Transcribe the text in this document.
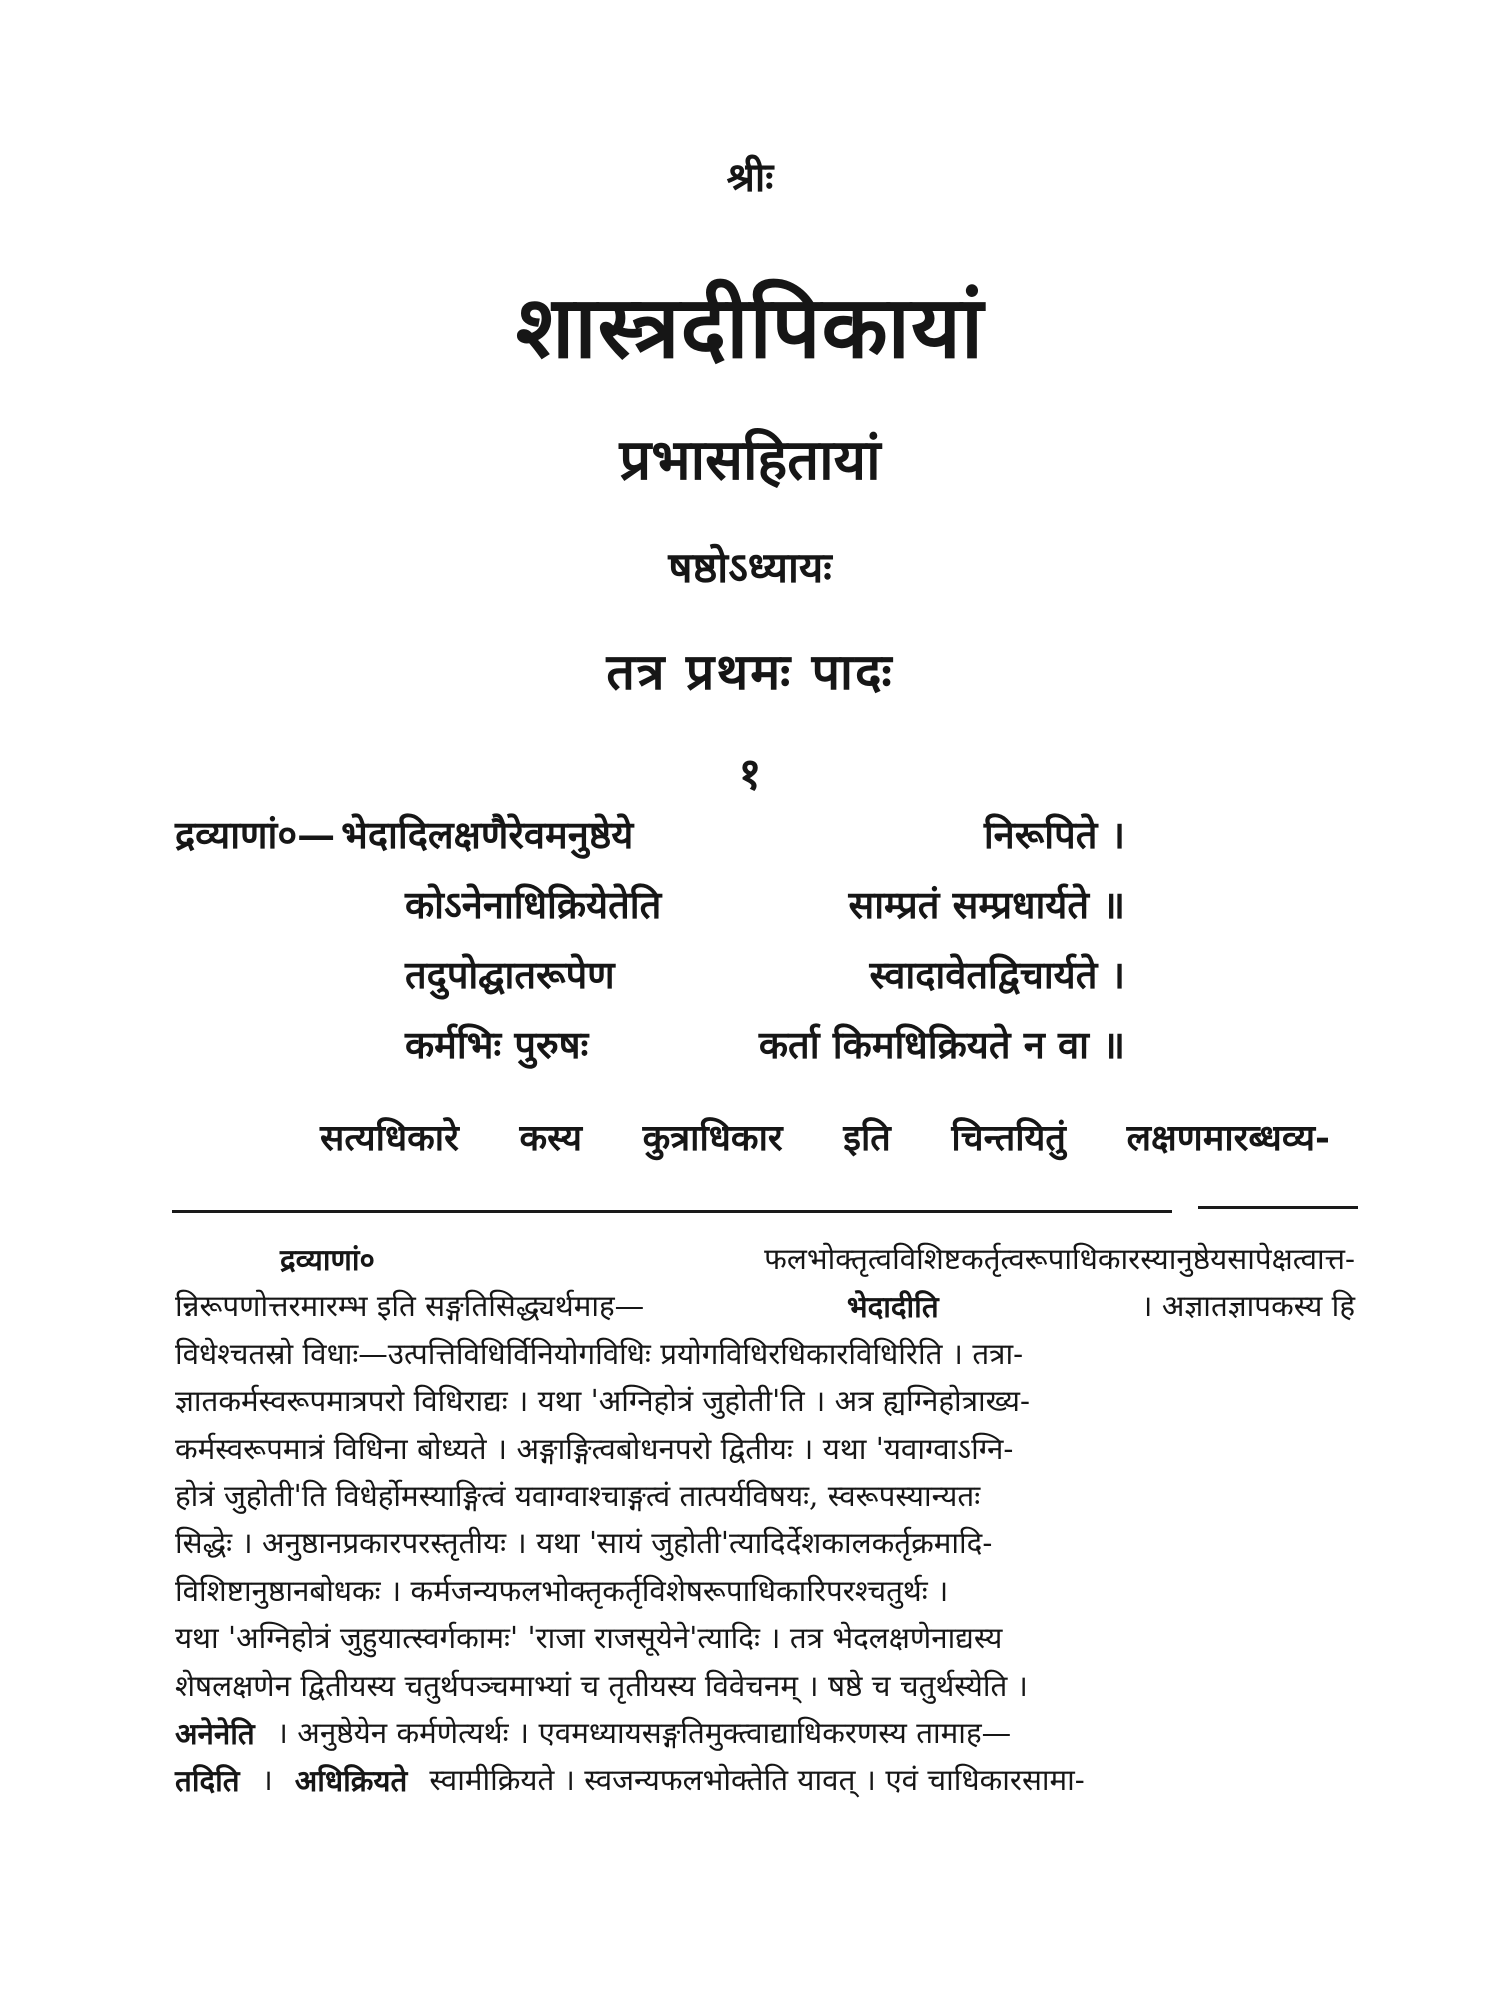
श्रीः
शास्त्रदीपिकायां
प्रभासहितायां
षष्ठोऽध्यायः
तत्र प्रथमः पादः
१
द्रव्याणां०— भेदादिलक्षणैरेवमनुष्ठेये	निरूपिते ।
कोऽनेनाधिक्रियेतेति	साम्प्रतं सम्प्रधार्यते ॥
तदुपोद्घातरूपेण	स्वादावेतद्विचार्यते ।
कर्मभिः पुरुषः	कर्ता किमधिक्रियते न वा ॥
सत्यधिकारे कस्य कुत्राधिकार इति चिन्तयितुं लक्षणमारब्धव्य-
द्रव्याणां०	फलभोक्तृत्वविशिष्टकर्तृत्वरूपाधिकारस्यानुष्ठेयसापेक्षत्वात्त-
न्निरूपणोत्तरमारम्भ इति सङ्गतिसिद्ध्यर्थमाह—	भेदादीति	। अज्ञातज्ञापकस्य हि
विधेश्चतस्रो विधाः—उत्पत्तिविधिर्विनियोगविधिः प्रयोगविधिरधिकारविधिरिति । तत्रा-
ज्ञातकर्मस्वरूपमात्रपरो विधिराद्यः । यथा 'अग्निहोत्रं जुहोती'ति । अत्र ह्यग्निहोत्राख्य-
कर्मस्वरूपमात्रं विधिना बोध्यते । अङ्गाङ्गित्वबोधनपरो द्वितीयः । यथा 'यवाग्वाऽग्नि-
होत्रं जुहोती'ति विधेर्होमस्याङ्गित्वं यवाग्वाश्चाङ्गत्वं तात्पर्यविषयः, स्वरूपस्यान्यतः
सिद्धेः । अनुष्ठानप्रकारपरस्तृतीयः । यथा 'सायं जुहोती'त्यादिर्देशकालकर्तृक्रमादि-
विशिष्टानुष्ठानबोधकः । कर्मजन्यफलभोक्तृकर्तृविशेषरूपाधिकारिपरश्चतुर्थः ।
यथा 'अग्निहोत्रं जुहुयात्स्वर्गकामः' 'राजा राजसूयेने'त्यादिः । तत्र भेदलक्षणेनाद्यस्य
शेषलक्षणेन द्वितीयस्य चतुर्थपञ्चमाभ्यां च तृतीयस्य विवेचनम् । षष्ठे च चतुर्थस्येति ।
अनेनेति । अनुष्ठेयेन कर्मणेत्यर्थः । एवमध्यायसङ्गतिमुक्त्वाद्याधिकरणस्य तामाह—
तदिति । अधिक्रियते स्वामीक्रियते । स्वजन्यफलभोक्तेति यावत् । एवं चाधिकारसामा-
